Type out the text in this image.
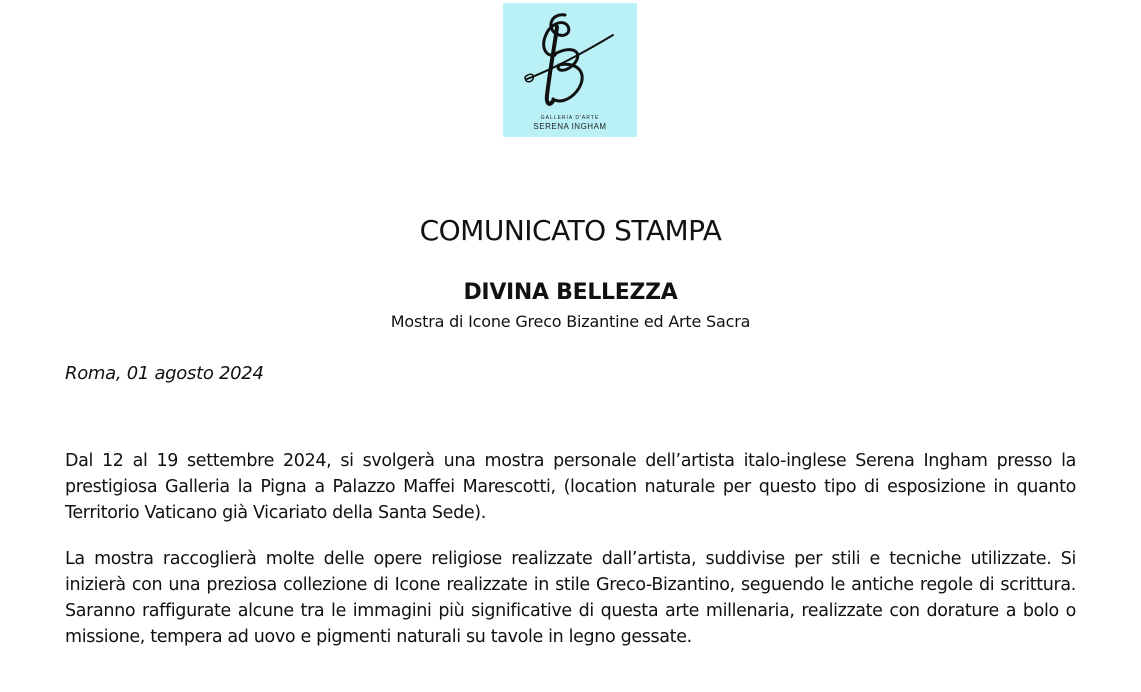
GALLERIA D'ARTE
SERENA INGHAM
COMUNICATO STAMPA
DIVINA BELLEZZA
Mostra di Icone Greco Bizantine ed Arte Sacra
Roma, 01 agosto 2024

Dal 12 al 19 settembre 2024, si svolgerà una mostra personale dell’artista italo-inglese Serena Ingham presso la prestigiosa Galleria la Pigna a Palazzo Maffei Marescotti, (location naturale per questo tipo di esposizione in quanto Territorio Vaticano già Vicariato della Santa Sede).

La mostra raccoglierà molte delle opere religiose realizzate dall’artista, suddivise per stili e tecniche utilizzate. Si inizierà con una preziosa collezione di Icone realizzate in stile Greco-Bizantino, seguendo le antiche regole di scrittura. Saranno raffigurate alcune tra le immagini più significative di questa arte millenaria, realizzate con dorature a bolo o missione, tempera ad uovo e pigmenti naturali su tavole in legno gessate.
